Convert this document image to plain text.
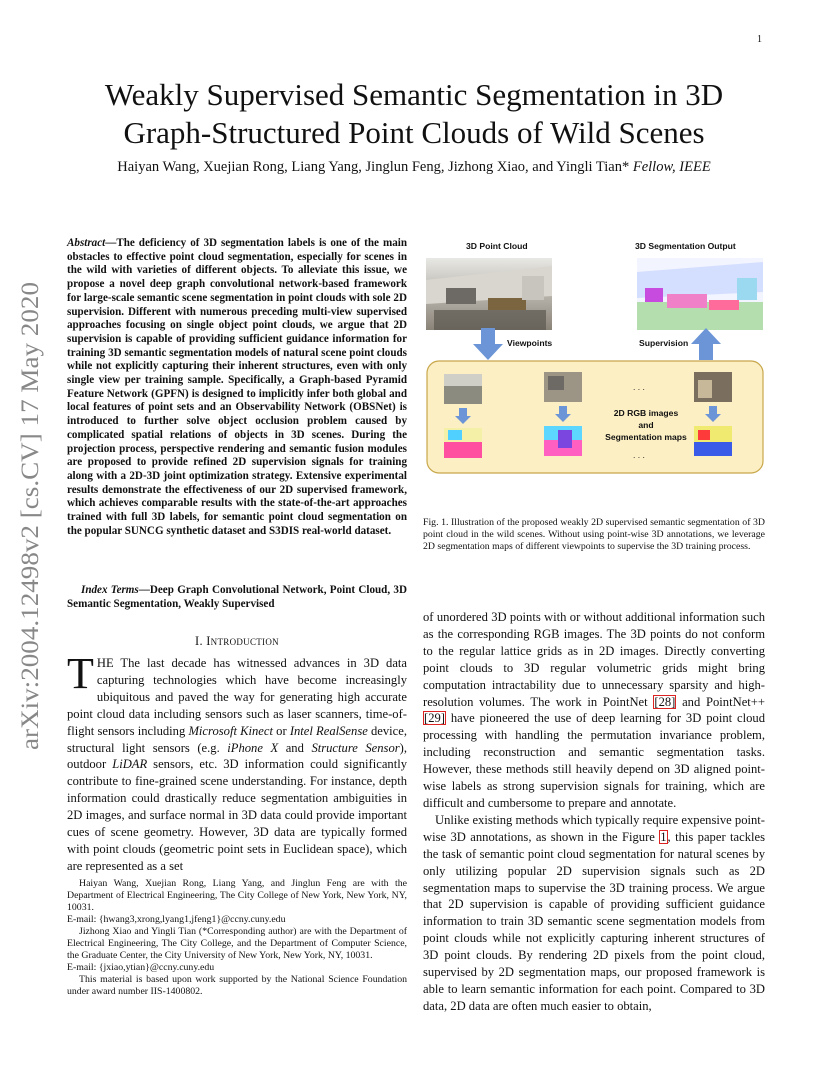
1
arXiv:2004.12498v2 [cs.CV] 17 May 2020
Weakly Supervised Semantic Segmentation in 3D
Graph-Structured Point Clouds of Wild Scenes
Haiyan Wang, Xuejian Rong, Liang Yang, Jinglun Feng, Jizhong Xiao, and Yingli Tian* Fellow, IEEE
Abstract—The deficiency of 3D segmentation labels is one of the main obstacles to effective point cloud segmentation, especially for scenes in the wild with varieties of different objects. To alleviate this issue, we propose a novel deep graph convolutional network-based framework for large-scale semantic scene segmentation in point clouds with sole 2D supervision. Different with numerous preceding multi-view supervised approaches focusing on single object point clouds, we argue that 2D supervision is capable of providing sufficient guidance information for training 3D semantic segmentation models of natural scene point clouds while not explicitly capturing their inherent structures, even with only single view per training sample. Specifically, a Graph-based Pyramid Feature Network (GPFN) is designed to implicitly infer both global and local features of point sets and an Observability Network (OBSNet) is introduced to further solve object occlusion problem caused by complicated spatial relations of objects in 3D scenes. During the projection process, perspective rendering and semantic fusion modules are proposed to provide refined 2D supervision signals for training along with a 2D-3D joint optimization strategy. Extensive experimental results demonstrate the effectiveness of our 2D supervised framework, which achieves comparable results with the state-of-the-art approaches trained with full 3D labels, for semantic point cloud segmentation on the popular SUNCG synthetic dataset and S3DIS real-world dataset.
Index Terms—Deep Graph Convolutional Network, Point Cloud, 3D Semantic Segmentation, Weakly Supervised
I. Introduction
THE The last decade has witnessed advances in 3D data capturing technologies which have become increasingly ubiquitous and paved the way for generating high accurate point cloud data including sensors such as laser scanners, time-of-flight sensors including Microsoft Kinect or Intel RealSense device, structural light sensors (e.g. iPhone X and Structure Sensor), outdoor LiDAR sensors, etc. 3D information could significantly contribute to fine-grained scene understanding. For instance, depth information could drastically reduce segmentation ambiguities in 2D images, and surface normal in 3D data could provide important cues of scene geometry. However, 3D data are typically formed with point clouds (geometric point sets in Euclidean space), which are represented as a set

Haiyan Wang, Xuejian Rong, Liang Yang, and Jinglun Feng are with the Department of Electrical Engineering, The City College of New York, New York, NY, 10031.

E-mail: {hwang3,xrong,lyang1,jfeng1}@ccny.cuny.edu

Jizhong Xiao and Yingli Tian (*Corresponding author) are with the Department of Electrical Engineering, The City College, and the Department of Computer Science, the Graduate Center, the City University of New York, New York, NY, 10031.

E-mail: {jxiao,ytian}@ccny.cuny.edu

This material is based upon work supported by the National Science Foundation under award number IIS-1400802.

3D Point Cloud	3D Segmentation Output
Viewpoints	Supervision
. . .
2D RGB images
and
Segmentation maps
. . .
Fig. 1. Illustration of the proposed weakly 2D supervised semantic segmentation of 3D point cloud in the wild scenes. Without using point-wise 3D annotations, we leverage 2D segmentation maps of different viewpoints to supervise the 3D training process.

of unordered 3D points with or without additional information such as the corresponding RGB images. The 3D points do not conform to the regular lattice grids as in 2D images. Directly converting point clouds to 3D regular volumetric grids might bring computation intractability due to unnecessary sparsity and high-resolution volumes. The work in PointNet [28] and PointNet++ [29] have pioneered the use of deep learning for 3D point cloud processing with handling the permutation invariance problem, including reconstruction and semantic segmentation tasks. However, these methods still heavily depend on 3D aligned point-wise labels as strong supervision signals for training, which are difficult and cumbersome to prepare and annotate.

Unlike existing methods which typically require expensive point-wise 3D annotations, as shown in the Figure 1, this paper tackles the task of semantic point cloud segmentation for natural scenes by only utilizing popular 2D supervision signals such as 2D segmentation maps to supervise the 3D training process. We argue that 2D supervision is capable of providing sufficient guidance information to train 3D semantic scene segmentation models from point clouds while not explicitly capturing inherent structures of 3D point clouds. By rendering 2D pixels from the point cloud, supervised by 2D segmentation maps, our proposed framework is able to learn semantic information for each point. Compared to 3D data, 2D data are often much easier to obtain,
